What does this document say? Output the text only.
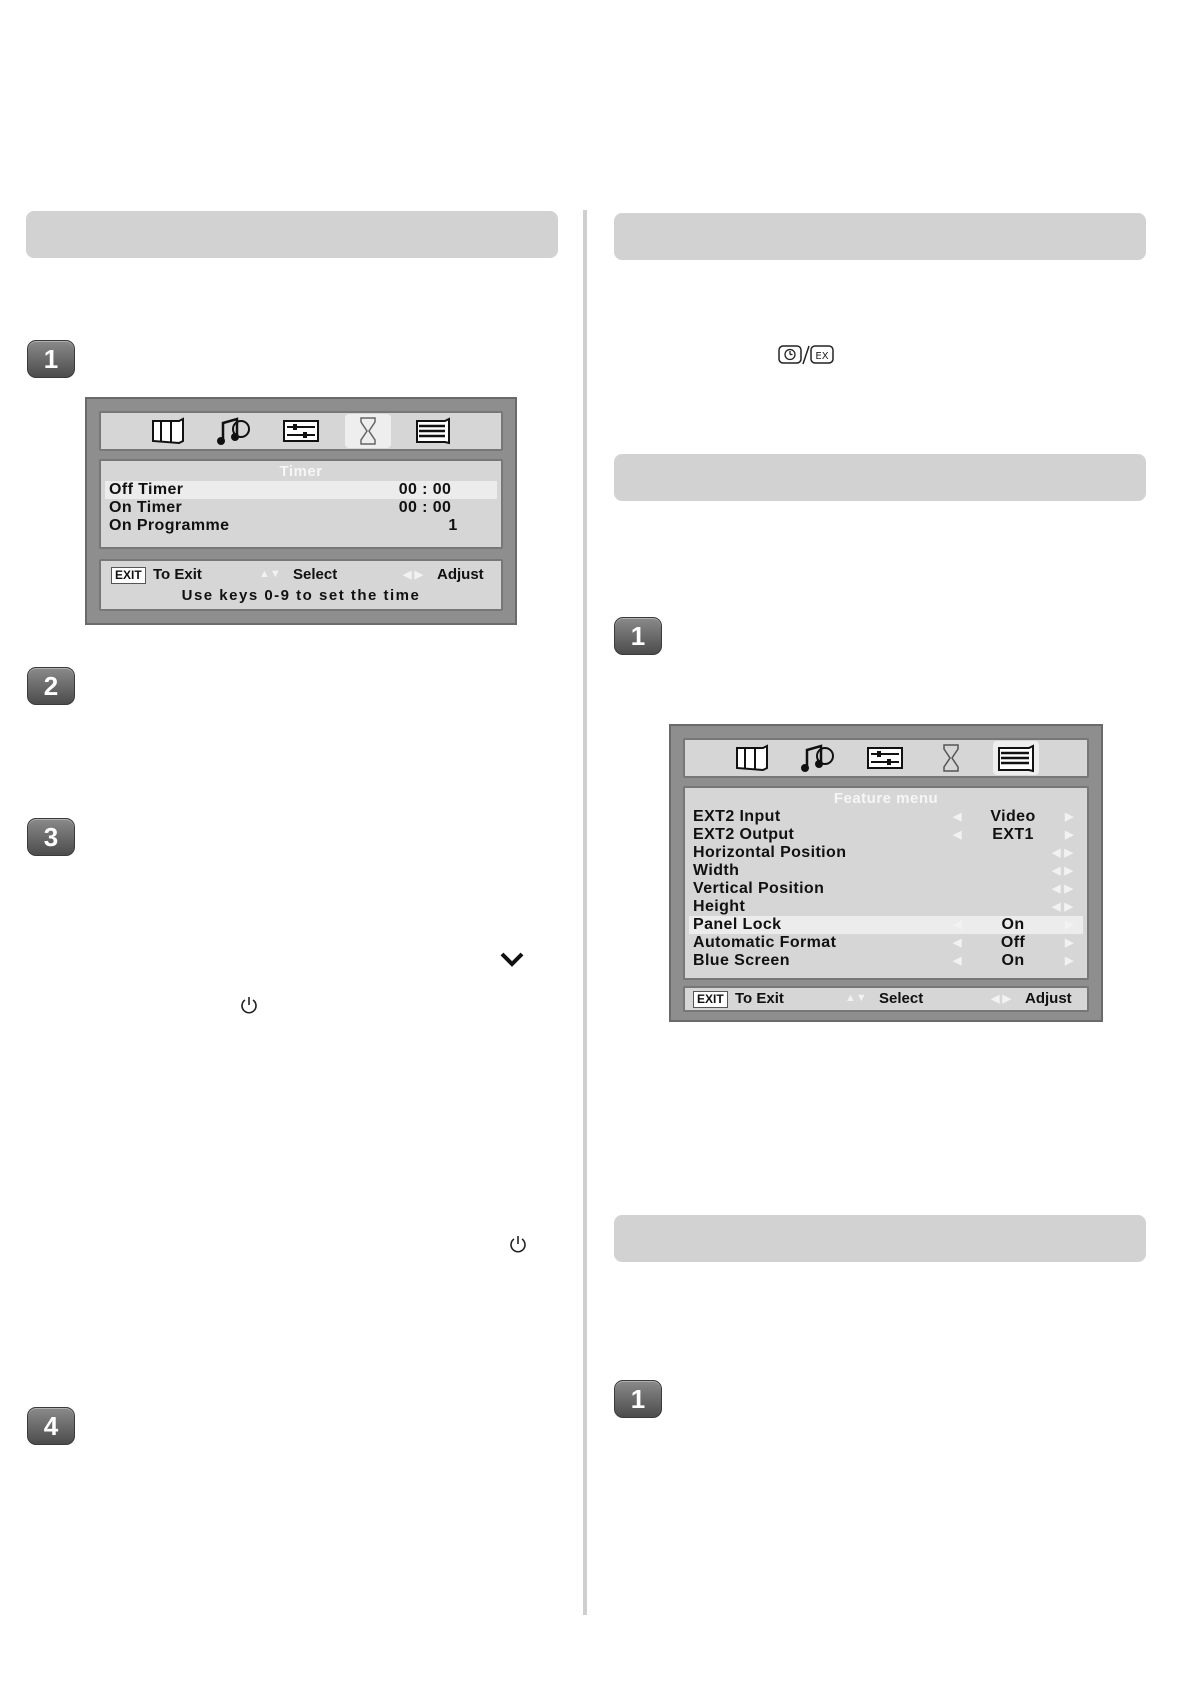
1
Timer
Off Timer	00 : 00
On Timer	00 : 00
On Programme	1
EXIT To Exit	▲▼ Select	◀ ▶ Adjust
Use keys 0-9 to set the time
2
3
4
EX
1
Feature menu
EXT2 Input	◀	Video	▶
EXT2 Output	◀	EXT1	▶
Horizontal Position	◀ ▶
Width	◀ ▶
Vertical Position	◀ ▶
Height	◀ ▶
Panel Lock	◀	On	▶
Automatic Format	◀	Off	▶
Blue Screen	◀	On	▶
EXIT To Exit	▲▼ Select	◀ ▶ Adjust
1
